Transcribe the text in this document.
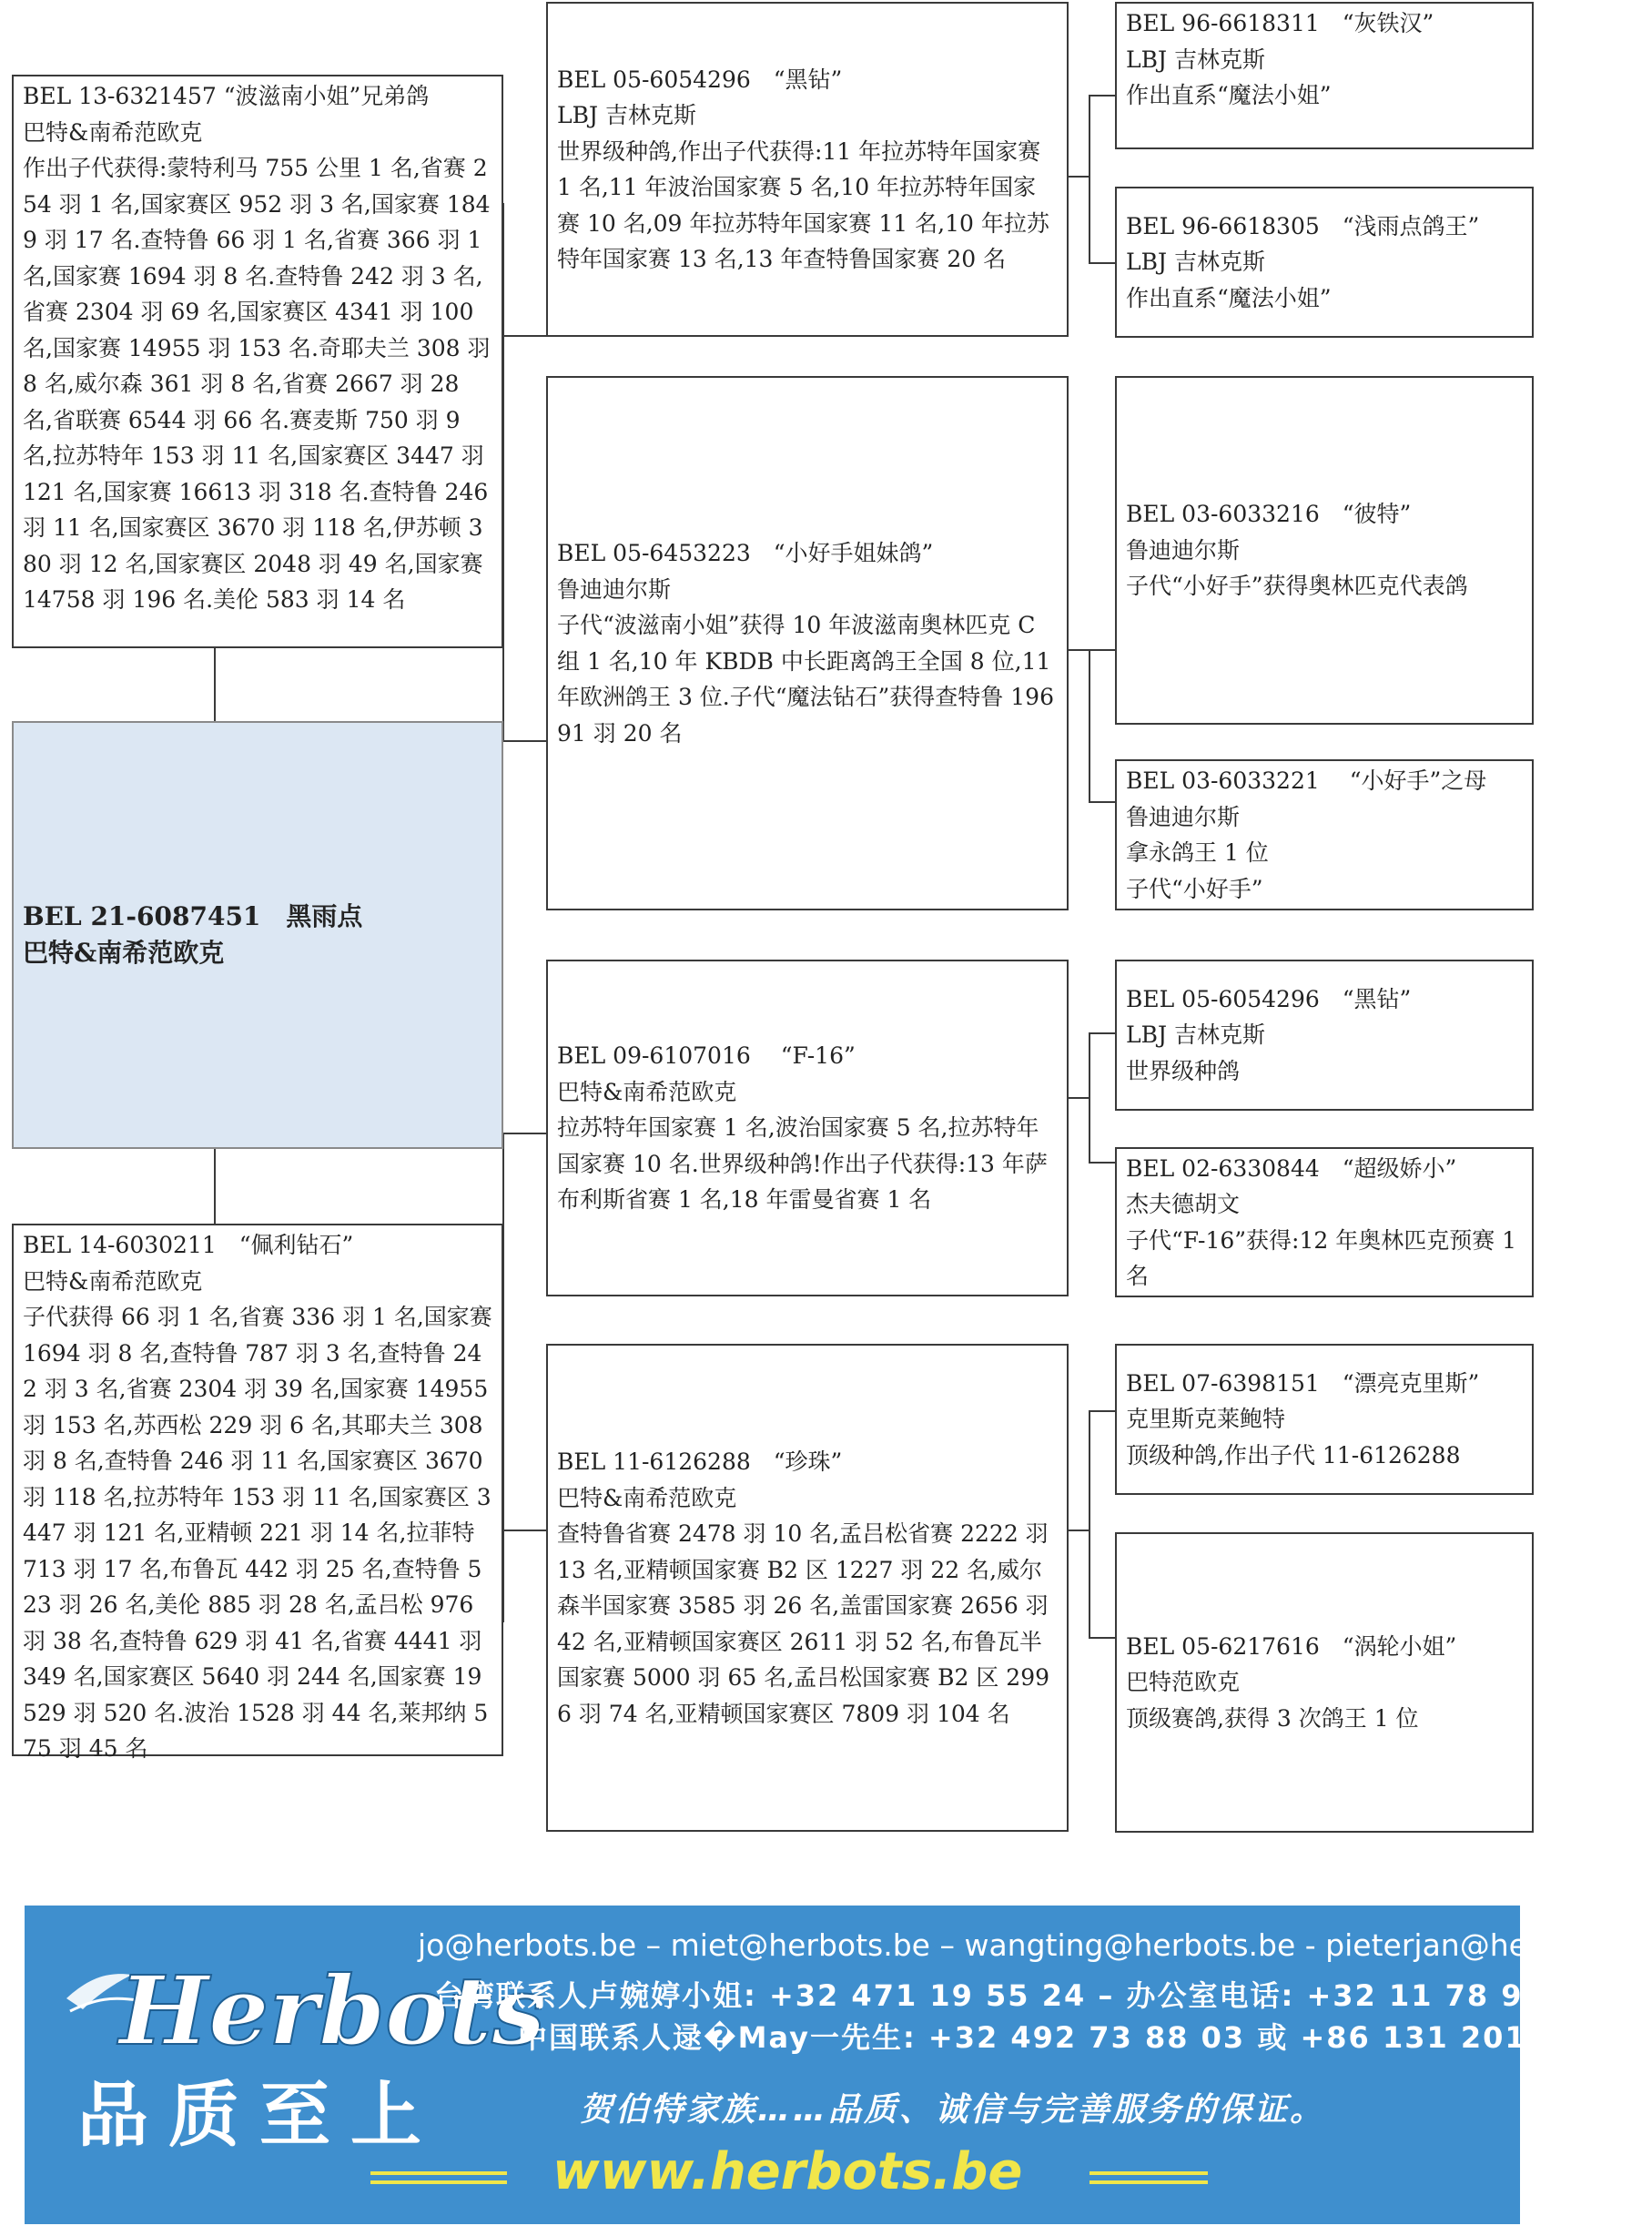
BEL 13-6321457 “波滋南小姐”兄弟鸽
巴特&南希范欧克
作出子代获得:蒙特利马 755 公里 1 名,省赛 254 羽 1 名,国家赛区 952 羽 3 名,国家赛 1849 羽 17 名.查特鲁 66 羽 1 名,省赛 366 羽 1 名,国家赛 1694 羽 8 名.查特鲁 242 羽 3 名,省赛 2304 羽 69 名,国家赛区 4341 羽 100 名,国家赛 14955 羽 153 名.奇耶夫兰 308 羽 8 名,威尔森 361 羽 8 名,省赛 2667 羽 28 名,省联赛 6544 羽 66 名.赛麦斯 750 羽 9 名,拉苏特年 153 羽 11 名,国家赛区 3447 羽 121 名,国家赛 16613 羽 318 名.查特鲁 246 羽 11 名,国家赛区 3670 羽 118 名,伊苏顿 380 羽 12 名,国家赛区 2048 羽 49 名,国家赛 14758 羽 196 名.美伦 583 羽 14 名
BEL 21-6087451　黑雨点
巴特&南希范欧克
BEL 14-6030211　“佩利钻石”
巴特&南希范欧克
子代获得 66 羽 1 名,省赛 336 羽 1 名,国家赛 1694 羽 8 名,查特鲁 787 羽 3 名,查特鲁 242 羽 3 名,省赛 2304 羽 39 名,国家赛 14955 羽 153 名,苏西松 229 羽 6 名,其耶夫兰 308 羽 8 名,查特鲁 246 羽 11 名,国家赛区 3670 羽 118 名,拉苏特年 153 羽 11 名,国家赛区 3447 羽 121 名,亚精顿 221 羽 14 名,拉菲特 713 羽 17 名,布鲁瓦 442 羽 25 名,查特鲁 523 羽 26 名,美伦 885 羽 28 名,孟吕松 976 羽 38 名,查特鲁 629 羽 41 名,省赛 4441 羽 349 名,国家赛区 5640 羽 244 名,国家赛 19529 羽 520 名.波治 1528 羽 44 名,莱邦纳 575 羽 45 名
BEL 05-6054296　“黑钻”
LBJ 吉林克斯
世界级种鸽,作出子代获得:11 年拉苏特年国家赛 1 名,11 年波治国家赛 5 名,10 年拉苏特年国家赛 10 名,09 年拉苏特年国家赛 11 名,10 年拉苏特年国家赛 13 名,13 年查特鲁国家赛 20 名
BEL 05-6453223　“小好手姐妹鸽”
鲁迪迪尔斯
子代“波滋南小姐”获得 10 年波滋南奥林匹克 C 组 1 名,10 年 KBDB 中长距离鸽王全国 8 位,11 年欧洲鸽王 3 位.子代“魔法钻石”获得查特鲁 19691 羽 20 名
BEL 09-6107016　 “F-16”
巴特&南希范欧克
拉苏特年国家赛 1 名,波治国家赛 5 名,拉苏特年国家赛 10 名.世界级种鸽!作出子代获得:13 年萨布利斯省赛 1 名,18 年雷曼省赛 1 名
BEL 11-6126288　“珍珠”
巴特&南希范欧克
查特鲁省赛 2478 羽 10 名,孟吕松省赛 2222 羽 13 名,亚精顿国家赛 B2 区 1227 羽 22 名,威尔森半国家赛 3585 羽 26 名,盖雷国家赛 2656 羽 42 名,亚精顿国家赛区 2611 羽 52 名,布鲁瓦半国家赛 5000 羽 65 名,孟吕松国家赛 B2 区 2996 羽 74 名,亚精顿国家赛区 7809 羽 104 名
BEL 96-6618311　“灰铁汉”
LBJ 吉林克斯
作出直系“魔法小姐”
BEL 96-6618305　“浅雨点鸽王”
LBJ 吉林克斯
作出直系“魔法小姐”
BEL 03-6033216　“彼特”
鲁迪迪尔斯
子代“小好手”获得奥林匹克代表鸽
BEL 03-6033221　 “小好手”之母
鲁迪迪尔斯
拿永鸽王 1 位
子代“小好手”
BEL 05-6054296　“黑钻”
LBJ 吉林克斯
世界级种鸽
BEL 02-6330844　“超级娇小”
杰夫德胡文
子代“F-16”获得:12 年奥林匹克预赛 1 名
BEL 07-6398151　“漂亮克里斯”
克里斯克莱鲍特
顶级种鸽,作出子代 11-6126288
BEL 05-6217616　“涡轮小姐”
巴特范欧克
顶级赛鸽,获得 3 次鸽王 1 位
Herbots
品质至上
jo@herbots.be – miet@herbots.be – wangting@herbots.be - pieterjan@herbots.be
台湾联系人卢婉婷小姐: +32 471 19 55 24 – 办公室电话: +32 11 78 91 90
中国联系人逯�May一先生: +32 492 73 88 03 或 +86 131 2015 0755
贺伯特家族……品质、诚信与完善服务的保证。
www.herbots.be
